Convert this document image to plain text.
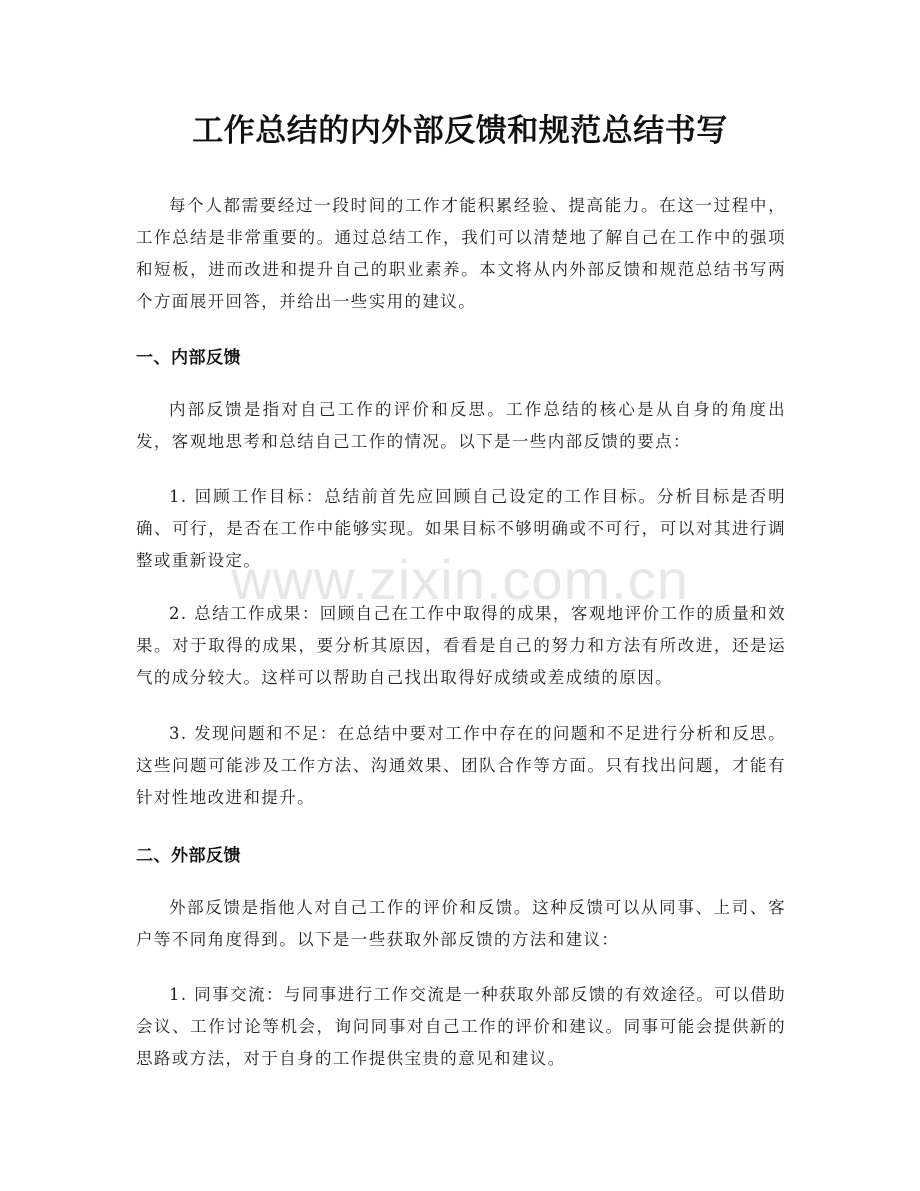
工作总结的内外部反馈和规范总结书写

每个人都需要经过一段时间的工作才能积累经验、提高能力。在这一过程中，工作总结是非常重要的。通过总结工作，我们可以清楚地了解自己在工作中的强项和短板，进而改进和提升自己的职业素养。本文将从内外部反馈和规范总结书写两个方面展开回答，并给出一些实用的建议。

一、内部反馈

内部反馈是指对自己工作的评价和反思。工作总结的核心是从自身的角度出发，客观地思考和总结自己工作的情况。以下是一些内部反馈的要点：

1. 回顾工作目标：总结前首先应回顾自己设定的工作目标。分析目标是否明确、可行，是否在工作中能够实现。如果目标不够明确或不可行，可以对其进行调整或重新设定。

2. 总结工作成果：回顾自己在工作中取得的成果，客观地评价工作的质量和效果。对于取得的成果，要分析其原因，看看是自己的努力和方法有所改进，还是运气的成分较大。这样可以帮助自己找出取得好成绩或差成绩的原因。

3. 发现问题和不足：在总结中要对工作中存在的问题和不足进行分析和反思。这些问题可能涉及工作方法、沟通效果、团队合作等方面。只有找出问题，才能有针对性地改进和提升。

二、外部反馈

外部反馈是指他人对自己工作的评价和反馈。这种反馈可以从同事、上司、客户等不同角度得到。以下是一些获取外部反馈的方法和建议：

1. 同事交流：与同事进行工作交流是一种获取外部反馈的有效途径。可以借助会议、工作讨论等机会，询问同事对自己工作的评价和建议。同事可能会提供新的思路或方法，对于自身的工作提供宝贵的意见和建议。

www.zixin.com.cn
